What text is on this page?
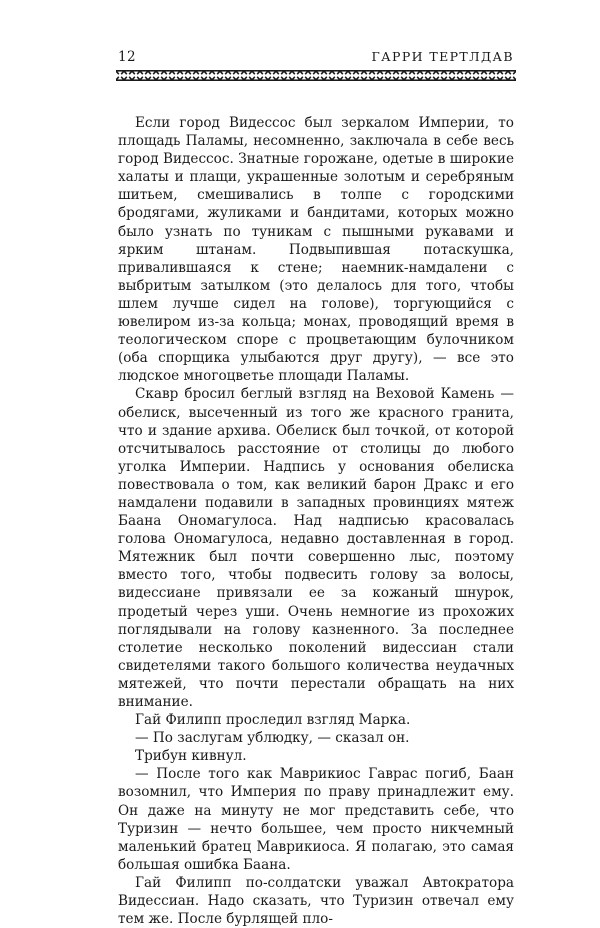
12	ГАРРИ ТЕРТЛДАВ

Если город Видессос был зеркалом Империи, то площадь Паламы, несомненно, заключала в себе весь город Видессос. Знатные горожане, одетые в широкие халаты и плащи, украшенные золотым и серебряным шитьем, смешивались в толпе с городскими бродягами, жуликами и бандитами, которых можно было узнать по туникам с пышными рукавами и ярким штанам. Подвыпившая потаскушка, привалившаяся к стене; наемник-намдалени с выбритым затылком (это делалось для того, чтобы шлем лучше сидел на голове), торгующийся с ювелиром из-за кольца; монах, проводящий время в теологическом споре с процветающим булочником (оба спорщика улыбаются друг другу), — все это людское многоцветье площади Паламы.

Скавр бросил беглый взгляд на Веховой Камень — обелиск, высеченный из того же красного гранита, что и здание архива. Обелиск был точкой, от которой отсчитывалось расстояние от столицы до любого уголка Империи. Надпись у основания обелиска повествовала о том, как великий барон Дракс и его намдалени подавили в западных провинциях мятеж Баана Ономагулоса. Над надписью красовалась голова Ономагулоса, недавно доставленная в город. Мятежник был почти совершенно лыс, поэтому вместо того, чтобы подвесить голову за волосы, видессиане привязали ее за кожаный шнурок, продетый через уши. Очень немногие из прохожих поглядывали на голову казненного. За последнее столетие несколько поколений видессиан стали свидетелями такого большого количества неудачных мятежей, что почти перестали обращать на них внимание.

Гай Филипп проследил взгляд Марка.

— По заслугам ублюдку, — сказал он.

Трибун кивнул.

— После того как Маврикиос Гаврас погиб, Баан возомнил, что Империя по праву принадлежит ему. Он даже на минуту не мог представить себе, что Туризин — нечто большее, чем просто никчемный маленький братец Маврикиоса. Я полагаю, это самая большая ошибка Баана.

Гай Филипп по-солдатски уважал Автократора Видессиан. Надо сказать, что Туризин отвечал ему тем же. После бурлящей пло-
